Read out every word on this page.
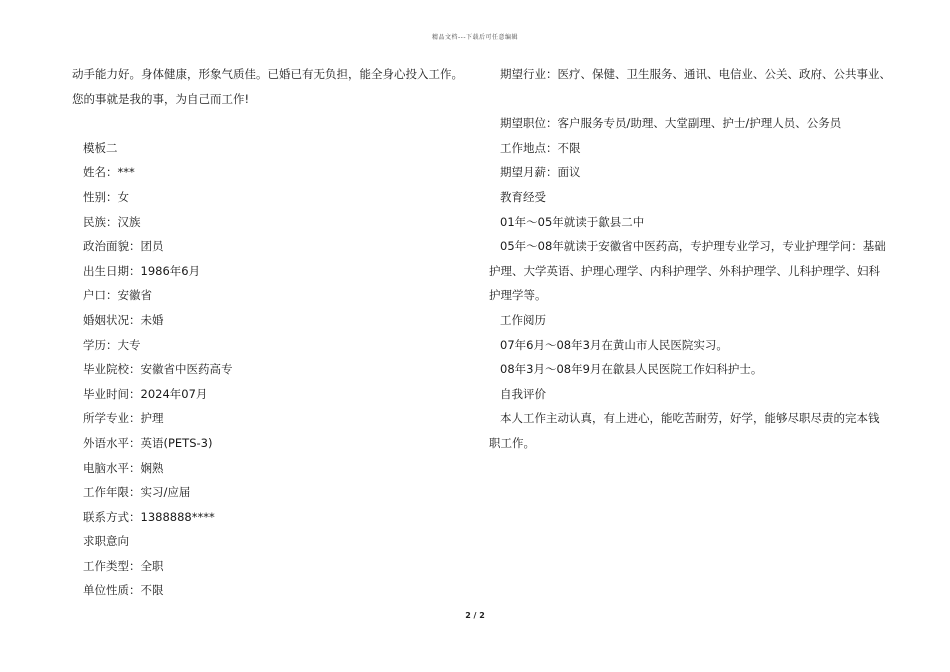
精品文档---下载后可任意编辑
动手能力好。身体健康，形象气质佳。已婚已有无负担，能全身心投入工作。
您的事就是我的事，为自己而工作!
模板二
姓名：***
性别：女
民族：汉族
政治面貌：团员
出生日期：1986年6月
户口：安徽省
婚姻状况：未婚
学历：大专
毕业院校：安徽省中医药高专
毕业时间：2024年07月
所学专业：护理
外语水平：英语(PETS-3)
电脑水平：娴熟
工作年限：实习/应届
联系方式：1388888****
求职意向
工作类型：全职
单位性质：不限
期望行业：医疗、保健、卫生服务、通讯、电信业、公关、政府、公共事业、
期望职位：客户服务专员/助理、大堂副理、护士/护理人员、公务员
工作地点：不限
期望月薪：面议
教育经受
01年～05年就读于歙县二中
05年～08年就读于安徽省中医药高，专护理专业学习，专业护理学问：基础
护理、大学英语、护理心理学、内科护理学、外科护理学、儿科护理学、妇科
护理学等。
工作阅历
07年6月～08年3月在黄山市人民医院实习。
08年3月～08年9月在歙县人民医院工作妇科护士。
自我评价
本人工作主动认真，有上进心，能吃苦耐劳，好学，能够尽职尽责的完本钱
职工作。
2 / 2
